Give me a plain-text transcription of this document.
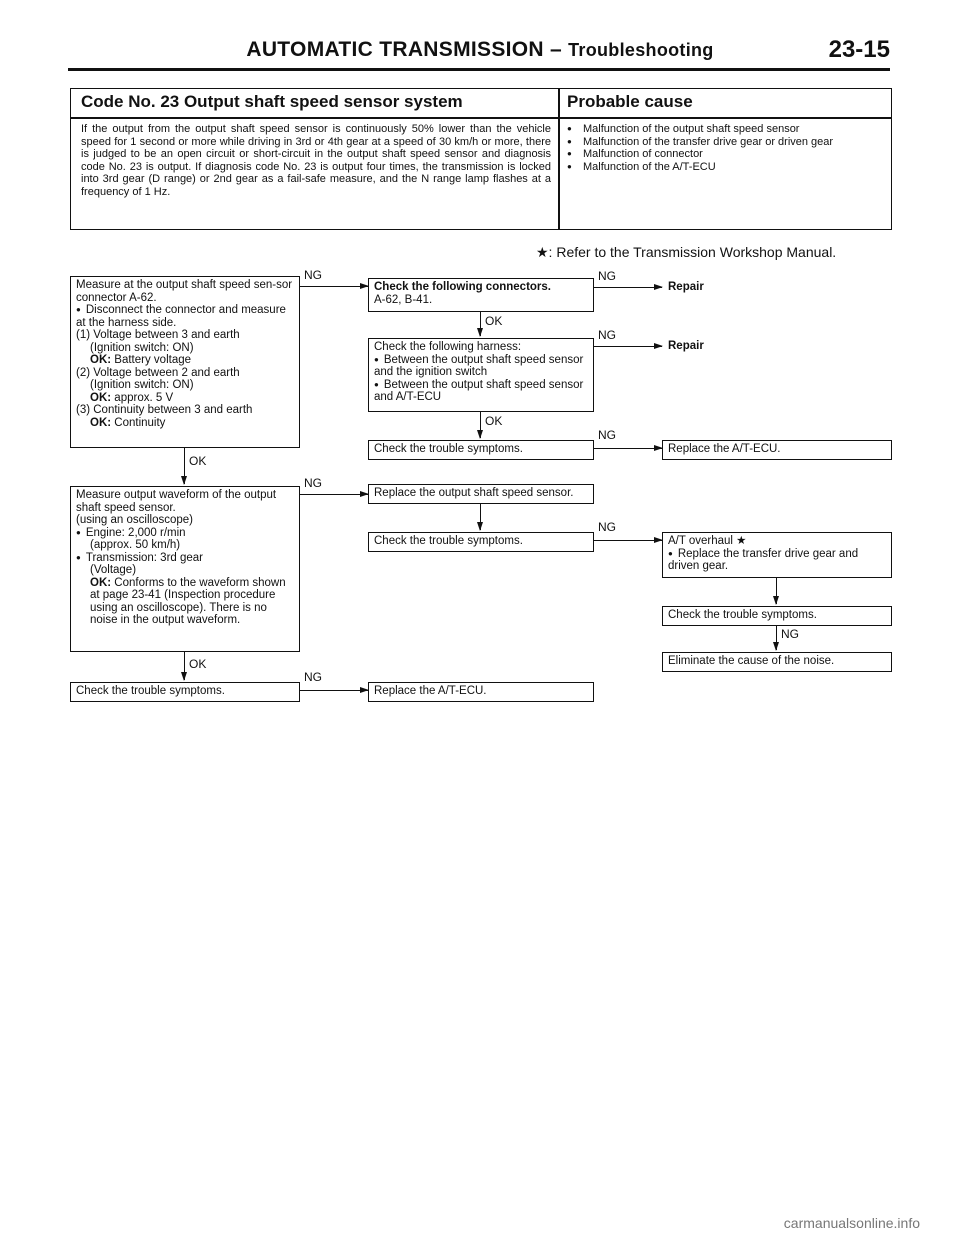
AUTOMATIC TRANSMISSION – Troubleshooting	23-15
Code No. 23 Output shaft speed sensor system	Probable cause
If the output from the output shaft speed sensor is continuously 50% lower than the vehicle speed for 1 second or more while driving in 3rd or 4th gear at a speed of 30 km/h or more, there is judged to be an open circuit or short-circuit in the output shaft speed sensor and diagnosis code No. 23 is output. If diagnosis code No. 23 is output four times, the transmission is locked into 3rd gear (D range) or 2nd gear as a fail-safe measure, and the N range lamp flashes at a frequency of 1 Hz.
● Malfunction of the output shaft speed sensor
● Malfunction of the transfer drive gear or driven gear
● Malfunction of connector
● Malfunction of the A/T-ECU
★: Refer to the Transmission Workshop Manual.
Measure at the output shaft speed sen-sor connector A-62.
● Disconnect the connector and measure at the harness side.
(1) Voltage between 3 and earth
(Ignition switch: ON)
OK: Battery voltage
(2) Voltage between 2 and earth
(Ignition switch: ON)
OK: approx. 5 V
(3) Continuity between 3 and earth
OK: Continuity
NG
Check the following connectors.
A-62, B-41.
NG
Repair
OK
Check the following harness:
● Between the output shaft speed sensor and the ignition switch
● Between the output shaft speed sensor and A/T-ECU
NG
Repair
OK
Check the trouble symptoms.
NG
Replace the A/T-ECU.
OK
Measure output waveform of the output shaft speed sensor.
(using an oscilloscope)
● Engine: 2,000 r/min
(approx. 50 km/h)
● Transmission: 3rd gear
(Voltage)
OK: Conforms to the waveform shown at page 23-41 (Inspection procedure using an oscilloscope). There is no noise in the output waveform.
NG
Replace the output shaft speed sensor.
Check the trouble symptoms.
NG
A/T overhaul ★
● Replace the transfer drive gear and driven gear.
Check the trouble symptoms.
NG
Eliminate the cause of the noise.
OK
Check the trouble symptoms.
NG
Replace the A/T-ECU.
carmanualsonline.info
